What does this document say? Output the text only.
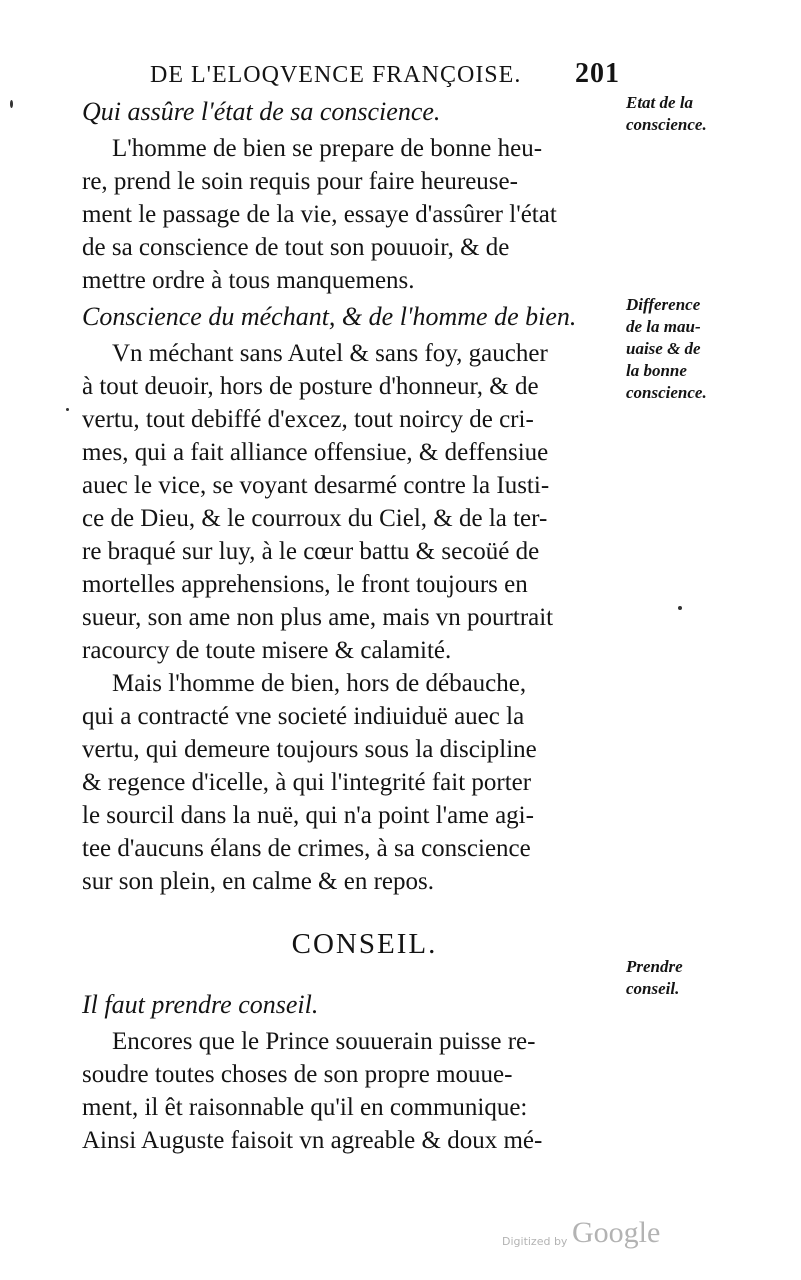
DE L'ELOQVENCE FRANÇOISE. 201
Qui assûre l'état de sa conscience.
L'homme de bien se prepare de bonne heu-
re, prend le soin requis pour faire heureuse-
ment le passage de la vie, essaye d'assûrer l'état
de sa conscience de tout son pouuoir, & de
mettre ordre à tous manquemens.
Conscience du méchant, & de l'homme de bien.
Vn méchant sans Autel & sans foy, gaucher
à tout deuoir, hors de posture d'honneur, & de
vertu, tout debiffé d'excez, tout noircy de cri-
mes, qui a fait alliance offensiue, & deffensiue
auec le vice, se voyant desarmé contre la Iusti-
ce de Dieu, & le courroux du Ciel, & de la ter-
re braqué sur luy, à le cœur battu & secoüé de
mortelles apprehensions, le front toujours en
sueur, son ame non plus ame, mais vn pourtrait
racourcy de toute misere & calamité.
Mais l'homme de bien, hors de débauche,
qui a contracté vne societé indiuiduë auec la
vertu, qui demeure toujours sous la discipline
& regence d'icelle, à qui l'integrité fait porter
le sourcil dans la nuë, qui n'a point l'ame agi-
tee d'aucuns élans de crimes, à sa conscience
sur son plein, en calme & en repos.
CONSEIL.
Il faut prendre conseil.
Encores que le Prince souuerain puisse re-
soudre toutes choses de son propre mouue-
ment, il êt raisonnable qu'il en communique:
Ainsi Auguste faisoit vn agreable & doux mé-
Etat de la
conscience.
Difference
de la mau-
uaise & de
la bonne
conscience.
Prendre
conseil.
Digitized by Google
